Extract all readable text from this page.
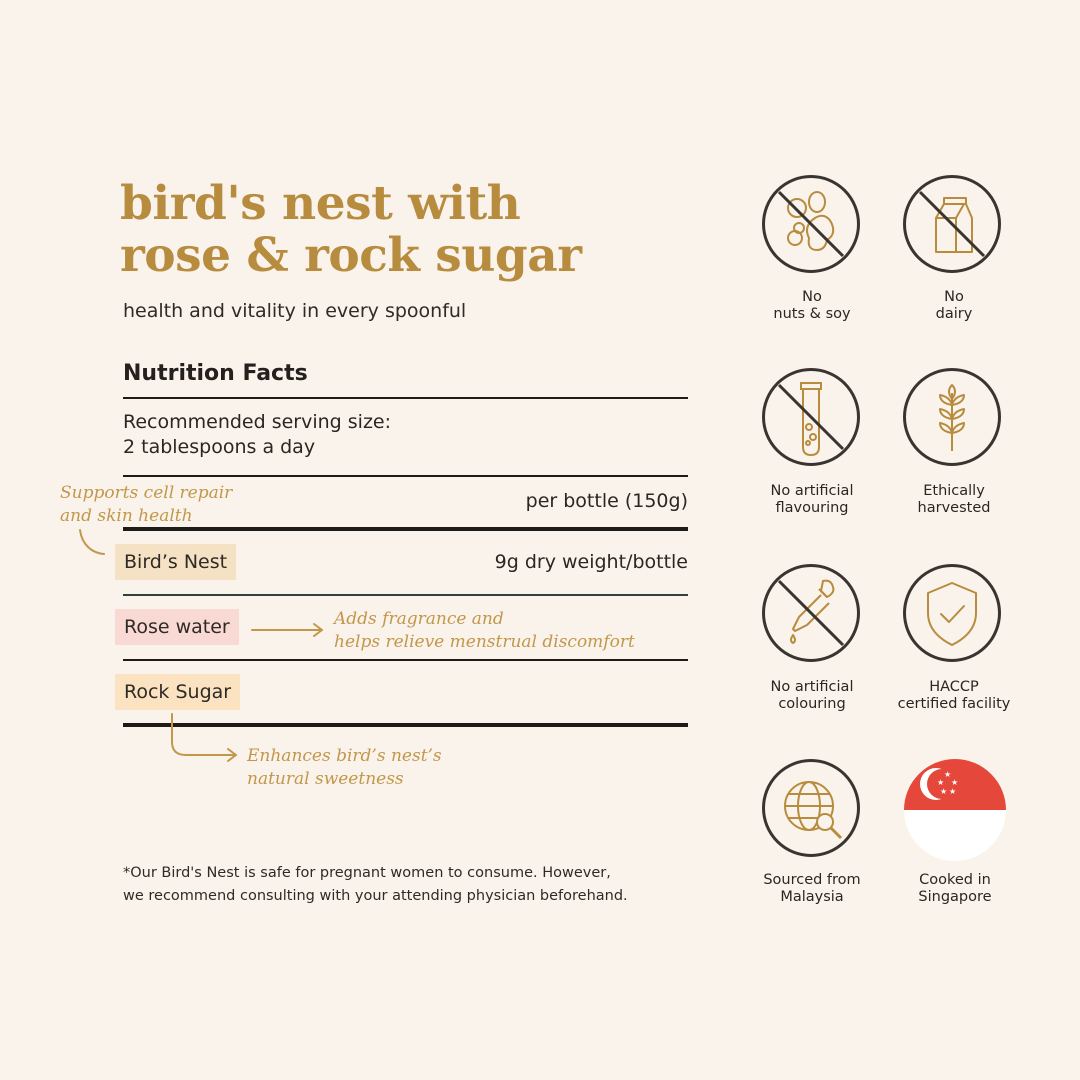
bird's nest with
rose & rock sugar
health and vitality in every spoonful
Nutrition Facts
Recommended serving size:
2 tablespoons a day
per bottle (150g)
Bird’s Nest	9g dry weight/bottle
Rose water
Rock Sugar
Supports cell repair
and skin health
Adds fragrance and
helps relieve menstrual discomfort
Enhances bird’s nest’s
natural sweetness
*Our Bird's Nest is safe for pregnant women to consume. However,
we recommend consulting with your attending physician beforehand.
No
nuts & soy
No
dairy
No artificial
flavouring
Ethically
harvested
No artificial
colouring
HACCP
certified facility
Sourced from
Malaysia
★
★ ★
★ ★
Cooked in
Singapore
